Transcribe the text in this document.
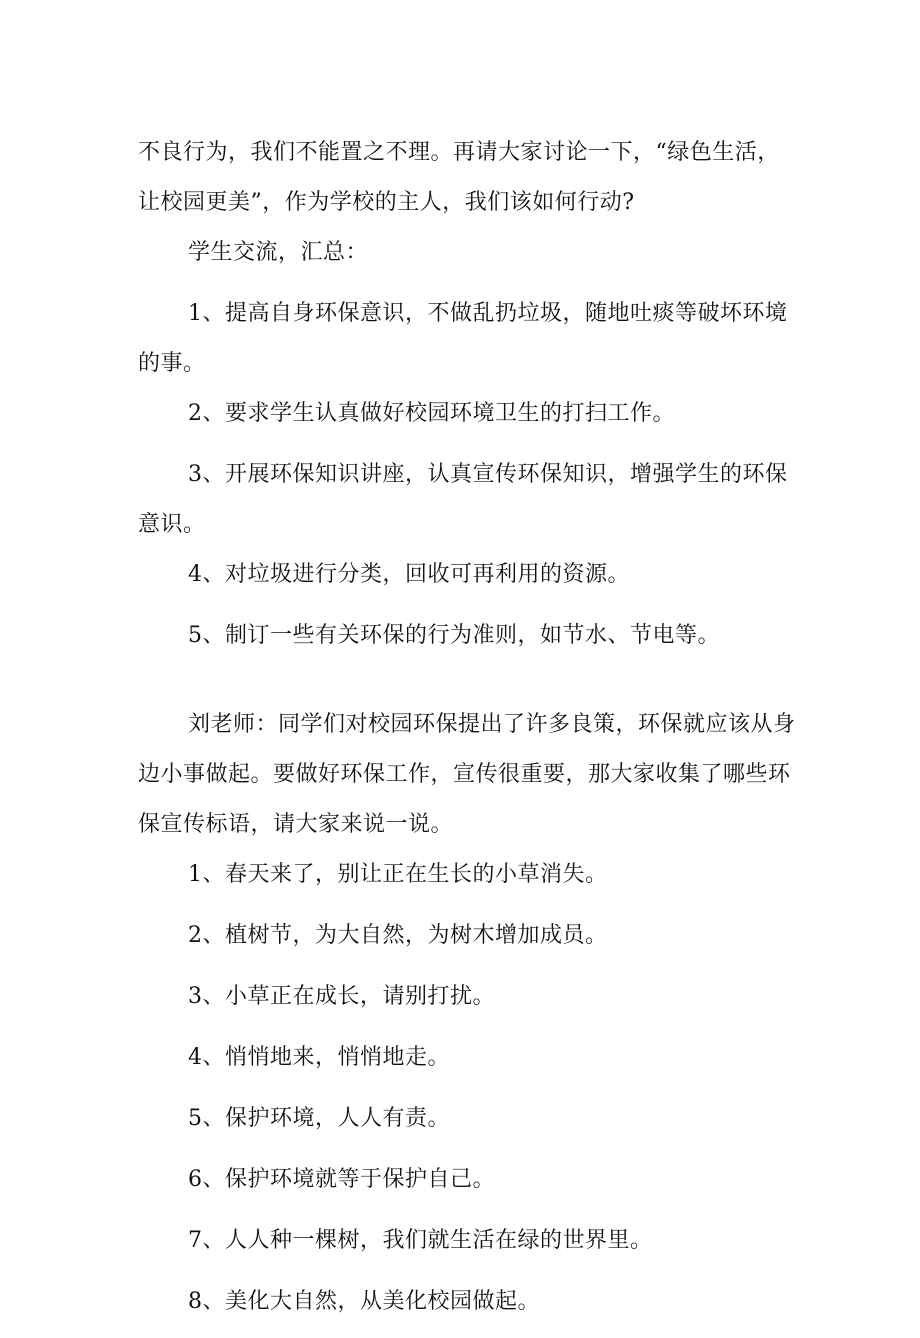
不良行为，我们不能置之不理。再请大家讨论一下，“绿色生活，让校园更美”，作为学校的主人，我们该如何行动?

学生交流，汇总：

1、提高自身环保意识，不做乱扔垃圾，随地吐痰等破坏环境的事。

2、要求学生认真做好校园环境卫生的打扫工作。

3、开展环保知识讲座，认真宣传环保知识，增强学生的环保意识。

4、对垃圾进行分类，回收可再利用的资源。

5、制订一些有关环保的行为准则，如节水、节电等。

刘老师：同学们对校园环保提出了许多良策，环保就应该从身边小事做起。要做好环保工作，宣传很重要，那大家收集了哪些环保宣传标语，请大家来说一说。

1、春天来了，别让正在生长的小草消失。

2、植树节，为大自然，为树木增加成员。

3、小草正在成长，请别打扰。

4、悄悄地来，悄悄地走。

5、保护环境，人人有责。

6、保护环境就等于保护自己。

7、人人种一棵树，我们就生活在绿的世界里。

8、美化大自然，从美化校园做起。
